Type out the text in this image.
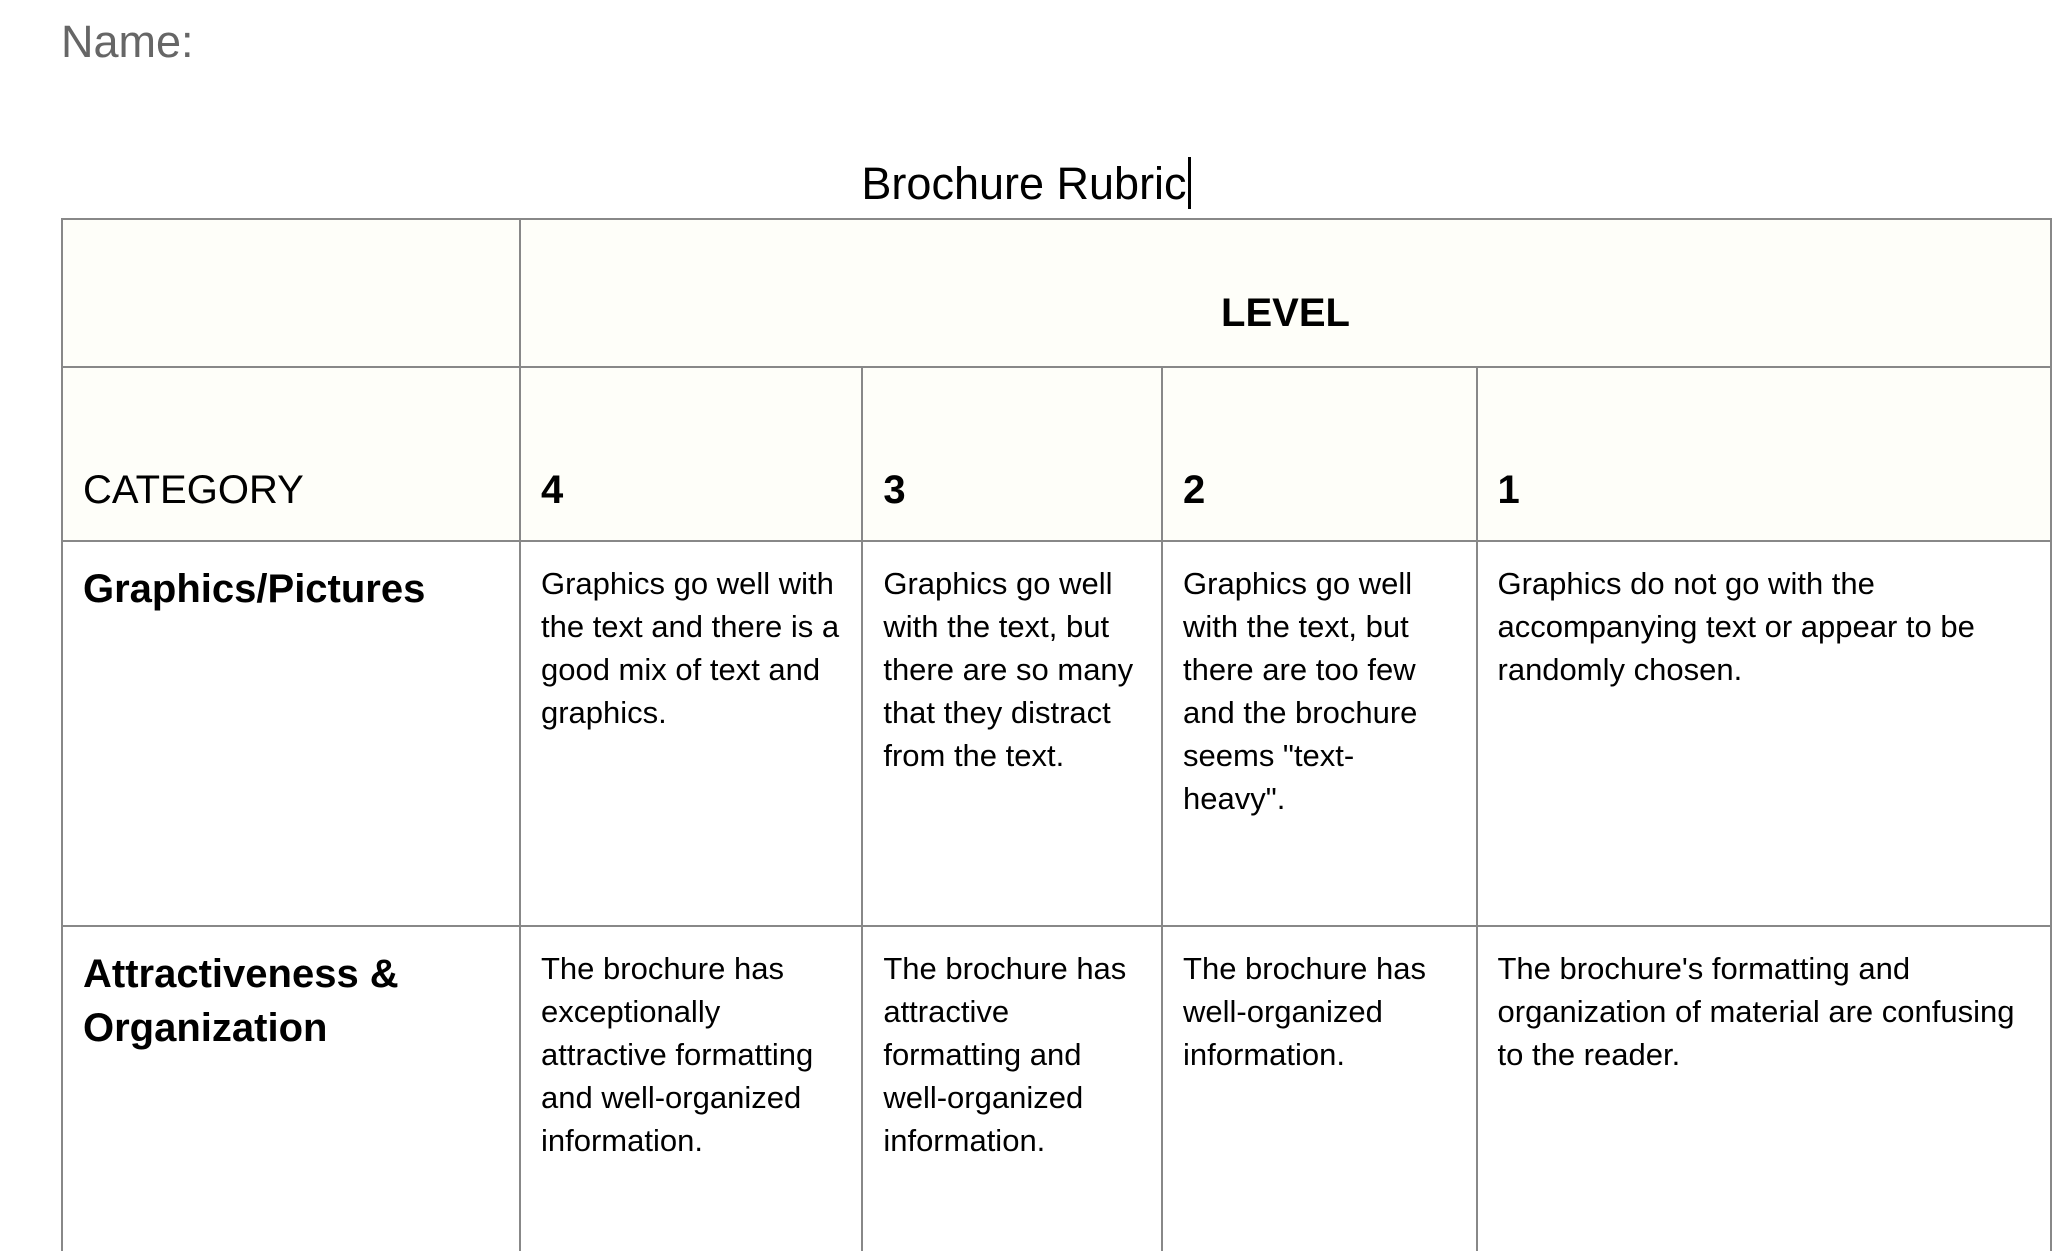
Name:
Brochure Rubric

	LEVEL			

CATEGORY	4	3	2	1

Graphics/Pictures	Graphics go well with the text and there is a good mix of text and graphics.	Graphics go well with the text, but there are so many that they distract from the text.	Graphics go well with the text, but there are too few and the brochure seems "text-heavy".	Graphics do not go with the accompanying text or appear to be randomly chosen.

Attractiveness & Organization	The brochure has exceptionally attractive formatting and well-organized information.	The brochure has attractive formatting and well-organized information.	The brochure has well-organized information.	The brochure's formatting and organization of material are confusing to the reader.
